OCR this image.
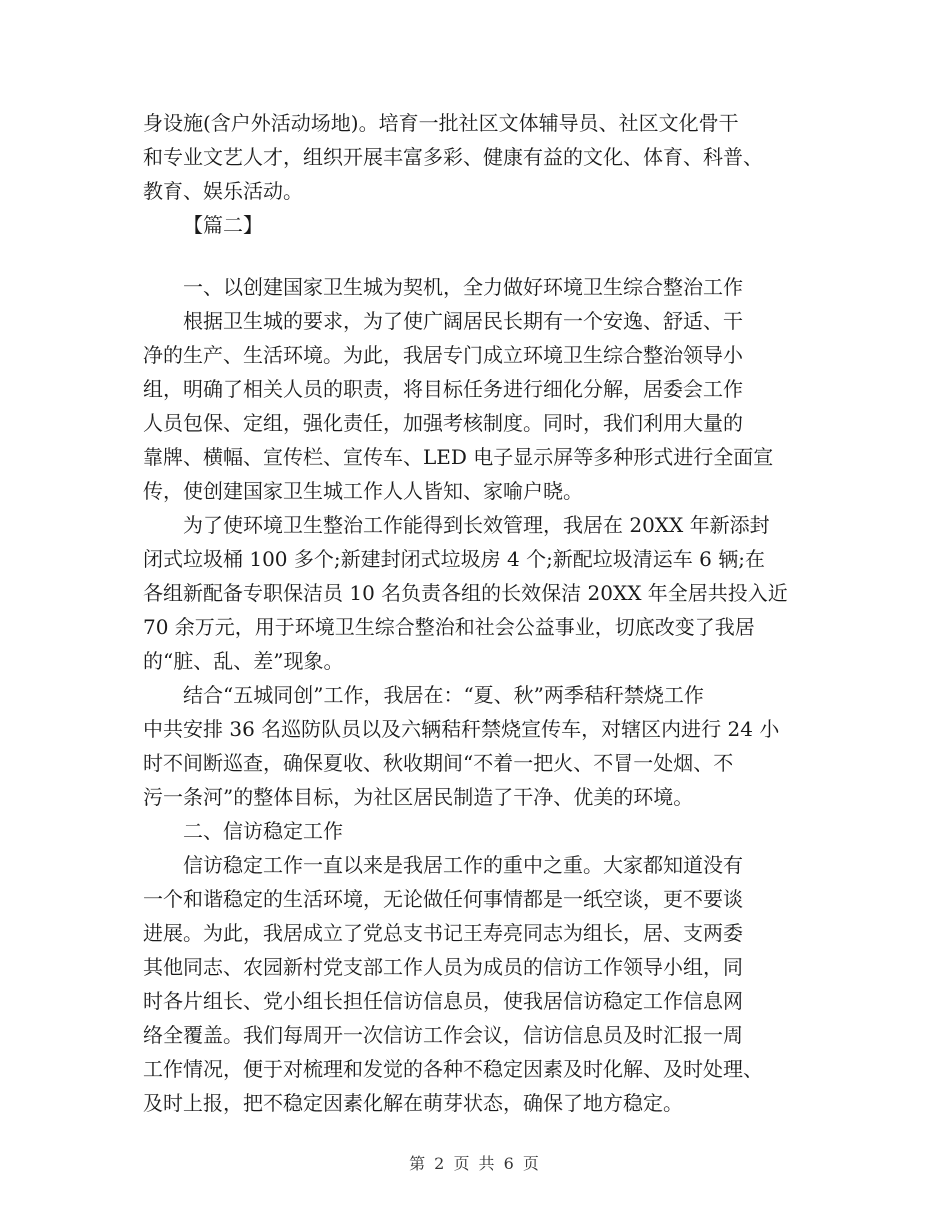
身设施(含户外活动场地)。培育一批社区文体辅导员、社区文化骨干
和专业文艺人才，组织开展丰富多彩、健康有益的文化、体育、科普、
教育、娱乐活动。
【篇二】
一、以创建国家卫生城为契机，全力做好环境卫生综合整治工作
根据卫生城的要求，为了使广阔居民长期有一个安逸、舒适、干
净的生产、生活环境。为此，我居专门成立环境卫生综合整治领导小
组，明确了相关人员的职责，将目标任务进行细化分解，居委会工作
人员包保、定组，强化责任，加强考核制度。同时，我们利用大量的
靠牌、横幅、宣传栏、宣传车、LED 电子显示屏等多种形式进行全面宣
传，使创建国家卫生城工作人人皆知、家喻户晓。
为了使环境卫生整治工作能得到长效管理，我居在 20XX 年新添封
闭式垃圾桶 100 多个;新建封闭式垃圾房 4 个;新配垃圾清运车 6 辆;在
各组新配备专职保洁员 10 名负责各组的长效保洁 20XX 年全居共投入近
70 余万元，用于环境卫生综合整治和社会公益事业，切底改变了我居
的“脏、乱、差”现象。
结合“五城同创”工作，我居在：“夏、秋”两季秸秆禁烧工作
中共安排 36 名巡防队员以及六辆秸秆禁烧宣传车，对辖区内进行 24 小
时不间断巡查，确保夏收、秋收期间“不着一把火、不冒一处烟、不
污一条河”的整体目标，为社区居民制造了干净、优美的环境。
二、信访稳定工作
信访稳定工作一直以来是我居工作的重中之重。大家都知道没有
一个和谐稳定的生活环境，无论做任何事情都是一纸空谈，更不要谈
进展。为此，我居成立了党总支书记王寿亮同志为组长，居、支两委
其他同志、农园新村党支部工作人员为成员的信访工作领导小组，同
时各片组长、党小组长担任信访信息员，使我居信访稳定工作信息网
络全覆盖。我们每周开一次信访工作会议，信访信息员及时汇报一周
工作情况，便于对梳理和发觉的各种不稳定因素及时化解、及时处理、
及时上报，把不稳定因素化解在萌芽状态，确保了地方稳定。
第 2 页 共 6 页
